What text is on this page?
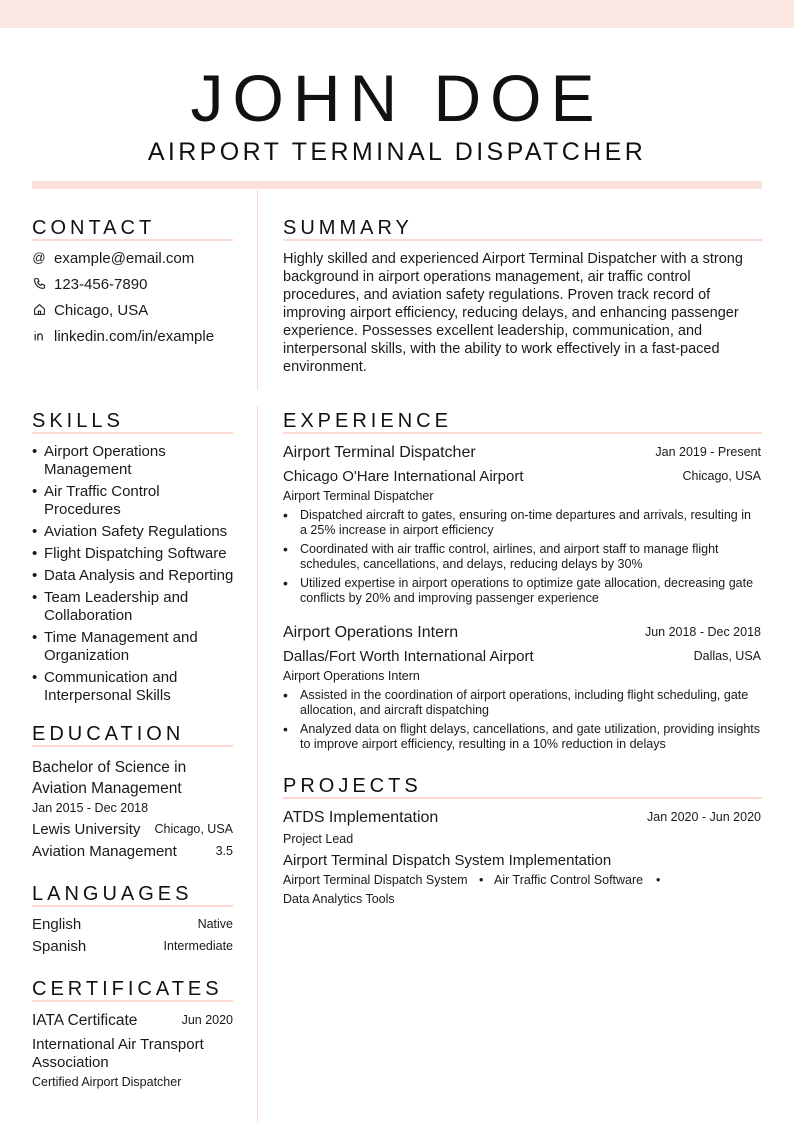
JOHN DOE
AIRPORT TERMINAL DISPATCHER
CONTACT
@ example@email.com
123-456-7890
Chicago, USA
linkedin.com/in/example
SUMMARY
Highly skilled and experienced Airport Terminal Dispatcher with a strong background in airport operations management, air traffic control procedures, and aviation safety regulations. Proven track record of improving airport efficiency, reducing delays, and enhancing passenger experience. Possesses excellent leadership, communication, and interpersonal skills, with the ability to work effectively in a fast-paced environment.
SKILLS
• Airport Operations Management
• Air Traffic Control Procedures
• Aviation Safety Regulations
• Flight Dispatching Software
• Data Analysis and Reporting
• Team Leadership and Collaboration
• Time Management and Organization
• Communication and Interpersonal Skills
EDUCATION
Bachelor of Science in Aviation Management
Jan 2015 - Dec 2018
Lewis University	Chicago, USA
Aviation Management	3.5
LANGUAGES
English	Native
Spanish	Intermediate
CERTIFICATES
IATA Certificate	Jun 2020
International Air Transport Association
Certified Airport Dispatcher
EXPERIENCE
Airport Terminal Dispatcher	Jan 2019 - Present
Chicago O'Hare International Airport	Chicago, USA
Airport Terminal Dispatcher
• Dispatched aircraft to gates, ensuring on-time departures and arrivals, resulting in a 25% increase in airport efficiency
• Coordinated with air traffic control, airlines, and airport staff to manage flight schedules, cancellations, and delays, reducing delays by 30%
• Utilized expertise in airport operations to optimize gate allocation, decreasing gate conflicts by 20% and improving passenger experience
Airport Operations Intern	Jun 2018 - Dec 2018
Dallas/Fort Worth International Airport	Dallas, USA
Airport Operations Intern
• Assisted in the coordination of airport operations, including flight scheduling, gate allocation, and aircraft dispatching
• Analyzed data on flight delays, cancellations, and gate utilization, providing insights to improve airport efficiency, resulting in a 10% reduction in delays
PROJECTS
ATDS Implementation	Jan 2020 - Jun 2020
Project Lead
Airport Terminal Dispatch System Implementation
Airport Terminal Dispatch System • Air Traffic Control Software •
Data Analytics Tools
